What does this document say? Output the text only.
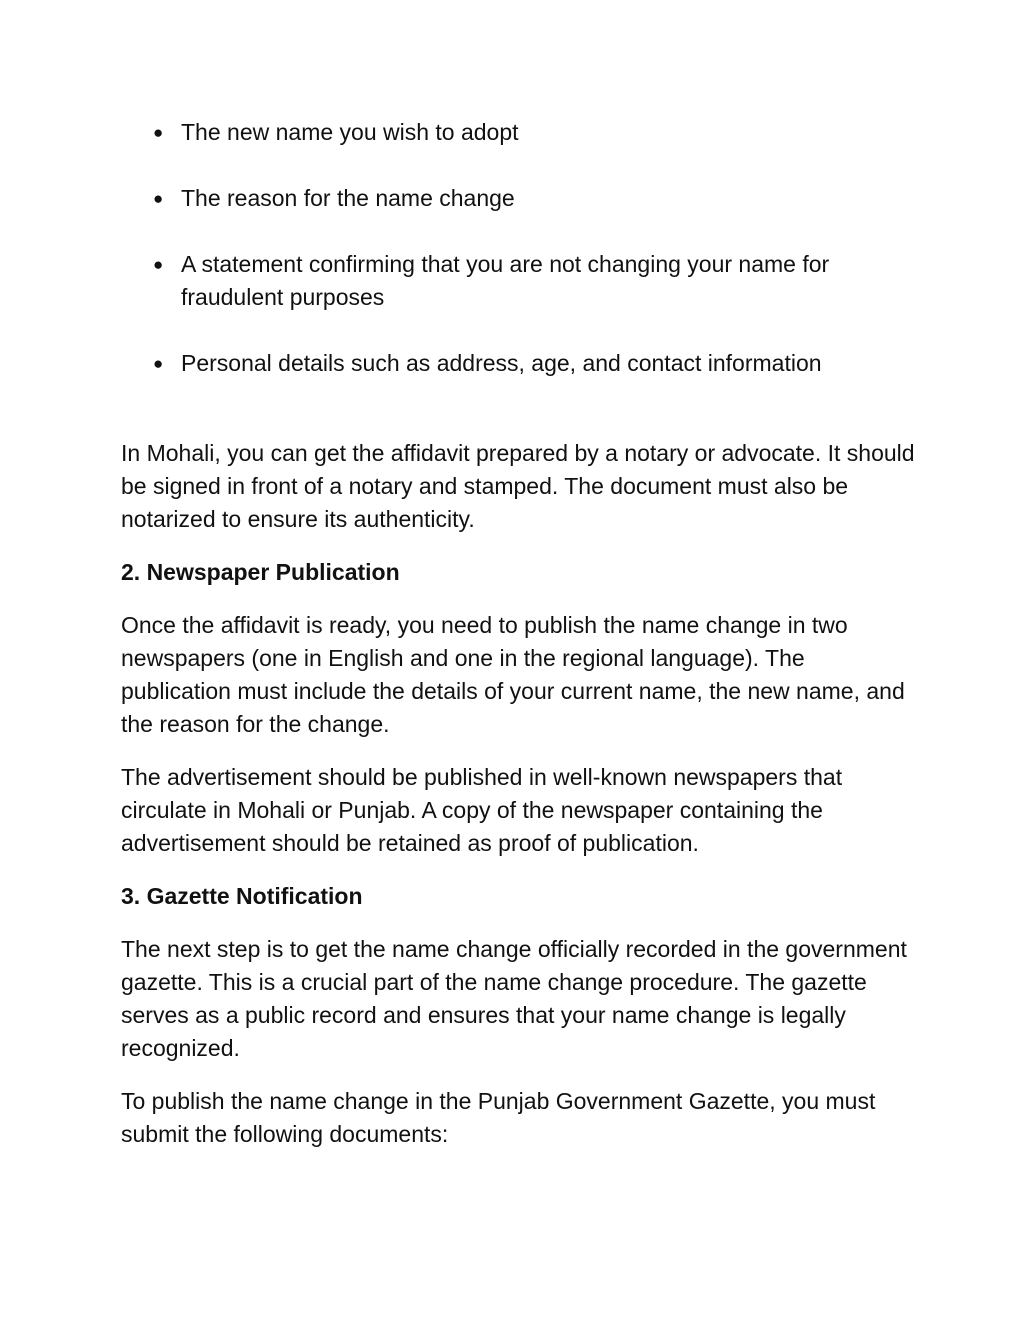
● The new name you wish to adopt
● The reason for the name change
● A statement confirming that you are not changing your name for fraudulent purposes
● Personal details such as address, age, and contact information

In Mohali, you can get the affidavit prepared by a notary or advocate. It should be signed in front of a notary and stamped. The document must also be notarized to ensure its authenticity.

2. Newspaper Publication

Once the affidavit is ready, you need to publish the name change in two newspapers (one in English and one in the regional language). The publication must include the details of your current name, the new name, and the reason for the change.

The advertisement should be published in well-known newspapers that circulate in Mohali or Punjab. A copy of the newspaper containing the advertisement should be retained as proof of publication.

3. Gazette Notification

The next step is to get the name change officially recorded in the government gazette. This is a crucial part of the name change procedure. The gazette serves as a public record and ensures that your name change is legally recognized.

To publish the name change in the Punjab Government Gazette, you must submit the following documents:
